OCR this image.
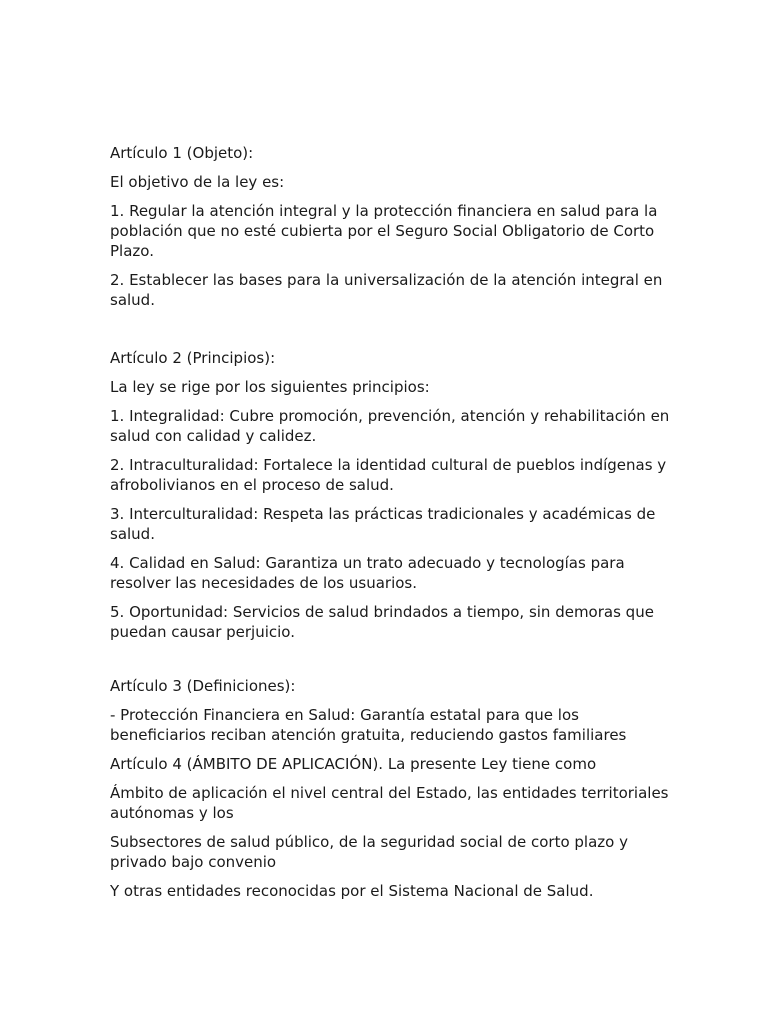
Artículo 1 (Objeto):

El objetivo de la ley es:

1. Regular la atención integral y la protección financiera en salud para la población que no esté cubierta por el Seguro Social Obligatorio de Corto Plazo.

2. Establecer las bases para la universalización de la atención integral en salud.

Artículo 2 (Principios):

La ley se rige por los siguientes principios:

1. Integralidad: Cubre promoción, prevención, atención y rehabilitación en salud con calidad y calidez.

2. Intraculturalidad: Fortalece la identidad cultural de pueblos indígenas y afrobolivianos en el proceso de salud.

3. Interculturalidad: Respeta las prácticas tradicionales y académicas de salud.

4. Calidad en Salud: Garantiza un trato adecuado y tecnologías para resolver las necesidades de los usuarios.

5. Oportunidad: Servicios de salud brindados a tiempo, sin demoras que puedan causar perjuicio.

Artículo 3 (Definiciones):

- Protección Financiera en Salud: Garantía estatal para que los beneficiarios reciban atención gratuita, reduciendo gastos familiares

Artículo 4 (ÁMBITO DE APLICACIÓN). La presente Ley tiene como

Ámbito de aplicación el nivel central del Estado, las entidades territoriales autónomas y los

Subsectores de salud público, de la seguridad social de corto plazo y privado bajo convenio

Y otras entidades reconocidas por el Sistema Nacional de Salud.
